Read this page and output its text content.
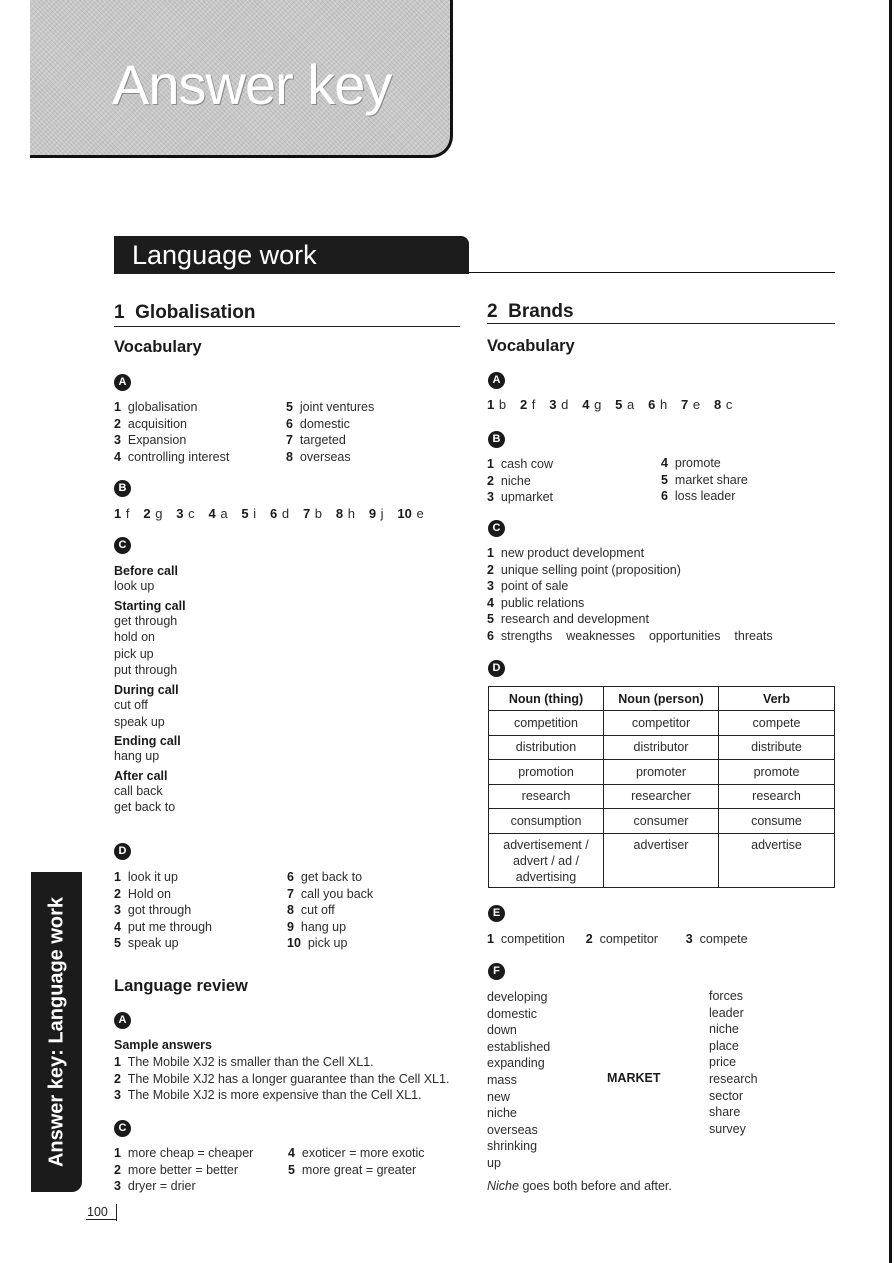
Answer key
Language work
1 Globalisation
Vocabulary
A
1 globalisation
2 acquisition
3 Expansion
4 controlling interest
5 joint ventures
6 domestic
7 targeted
8 overseas
B
1 f 2 g 3 c 4 a 5 i 6 d 7 b 8 h 9 j 10 e
C
Before call
look up
Starting call
get through
hold on
pick up
put through
During call
cut off
speak up
Ending call
hang up
After call
call back
get back to
D
1 look it up
2 Hold on
3 got through
4 put me through
5 speak up
6 get back to
7 call you back
8 cut off
9 hang up
10 pick up
Language review
A
Sample answers
1 The Mobile XJ2 is smaller than the Cell XL1.
2 The Mobile XJ2 has a longer guarantee than the Cell XL1.
3 The Mobile XJ2 is more expensive than the Cell XL1.
C
1 more cheap = cheaper
2 more better = better
3 dryer = drier
4 exoticer = more exotic
5 more great = greater
2 Brands
Vocabulary
A
1 b 2 f 3 d 4 g 5 a 6 h 7 e 8 c
B
1 cash cow
2 niche
3 upmarket
4 promote
5 market share
6 loss leader
C
1 new product development
2 unique selling point (proposition)
3 point of sale
4 public relations
5 research and development
6 strengths weaknesses opportunities threats
D
Noun (thing)	Noun (person)	Verb
competition	competitor	compete
distribution	distributor	distribute
promotion	promoter	promote
research	researcher	research
consumption	consumer	consume

advertisement /
advert / ad /
advertising	advertiser	advertise
E
1 competition 2 competitor 3 compete
F
developing
domestic
down
established
expanding
mass
new
niche
overseas
shrinking
up
MARKET
forces
leader
niche
place
price
research
sector
share
survey
Niche goes both before and after.
Answer key: Language work
100
